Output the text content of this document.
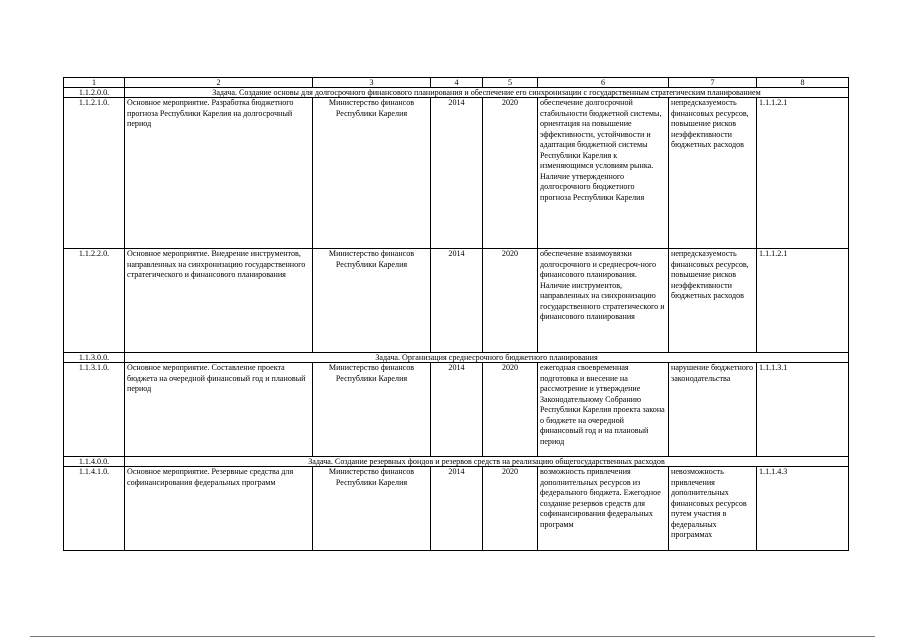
1	2	3	4	5	6	7	8
1.1.2.0.0.	Задача. Создание основы для долгосрочного финансового планирования и обеспечение его синхронизации с государственным стратегическим планированием						
1.1.2.1.0.	Основное мероприятие. Разработка бюджетного прогноза Республики Карелия на долгосрочный период	Министерство финансов Республики Карелия	2014	2020	обеспечение долгосрочной стабильности бюджетной системы, ориентация на повышение эффективности, устойчивости и адаптация бюджетной системы Республики Карелия к изменяющимся условиям рынка. Наличие утвержденного долгосрочного бюджетного прогноза Республики Карелия	непредсказуемость финансовых ресурсов, повышение рисков неэффективности бюджетных расходов	1.1.1.2.1
1.1.2.2.0.	Основное мероприятие. Внедрение инструментов, направленных на синхронизацию государственного стратегического и финансового планирования	Министерство финансов Республики Карелия	2014	2020	обеспечение взаимоувязки долгосрочного и среднесроч-ного финансового планирования. Наличие инструментов, направленных на синхронизацию государственного стратегического и финансового планирования	непредсказуемость финансовых ресурсов, повышение рисков неэффективности бюджетных расходов	1.1.1.2.1
1.1.3.0.0.	Задача. Организация среднесрочного бюджетного планирования						
1.1.3.1.0.	Основное мероприятие. Составление проекта бюджета на очередной финансовый год и плановый период	Министерство финансов Республики Карелия	2014	2020	ежегодная своевременная подготовка и внесение на рассмотрение и утверждение Законодательному Собранию Республики Карелия проекта закона о бюджете на очередной финансовый год и на плановый период	нарушение бюджетного законодательства	1.1.1.3.1
1.1.4.0.0.	Задача. Создание резервных фондов и резервов средств на реализацию общегосударственных расходов						
1.1.4.1.0.	Основное мероприятие. Резервные средства для софинансирования федеральных программ	Министерство финансов Республики Карелия	2014	2020	возможность привлечения дополнительных ресурсов из федерального бюджета. Ежегодное создание резервов средств для софинансирования федеральных программ	невозможность привлечения дополнительных финансовых ресурсов путем участия в федеральных программах	1.1.1.4.3
